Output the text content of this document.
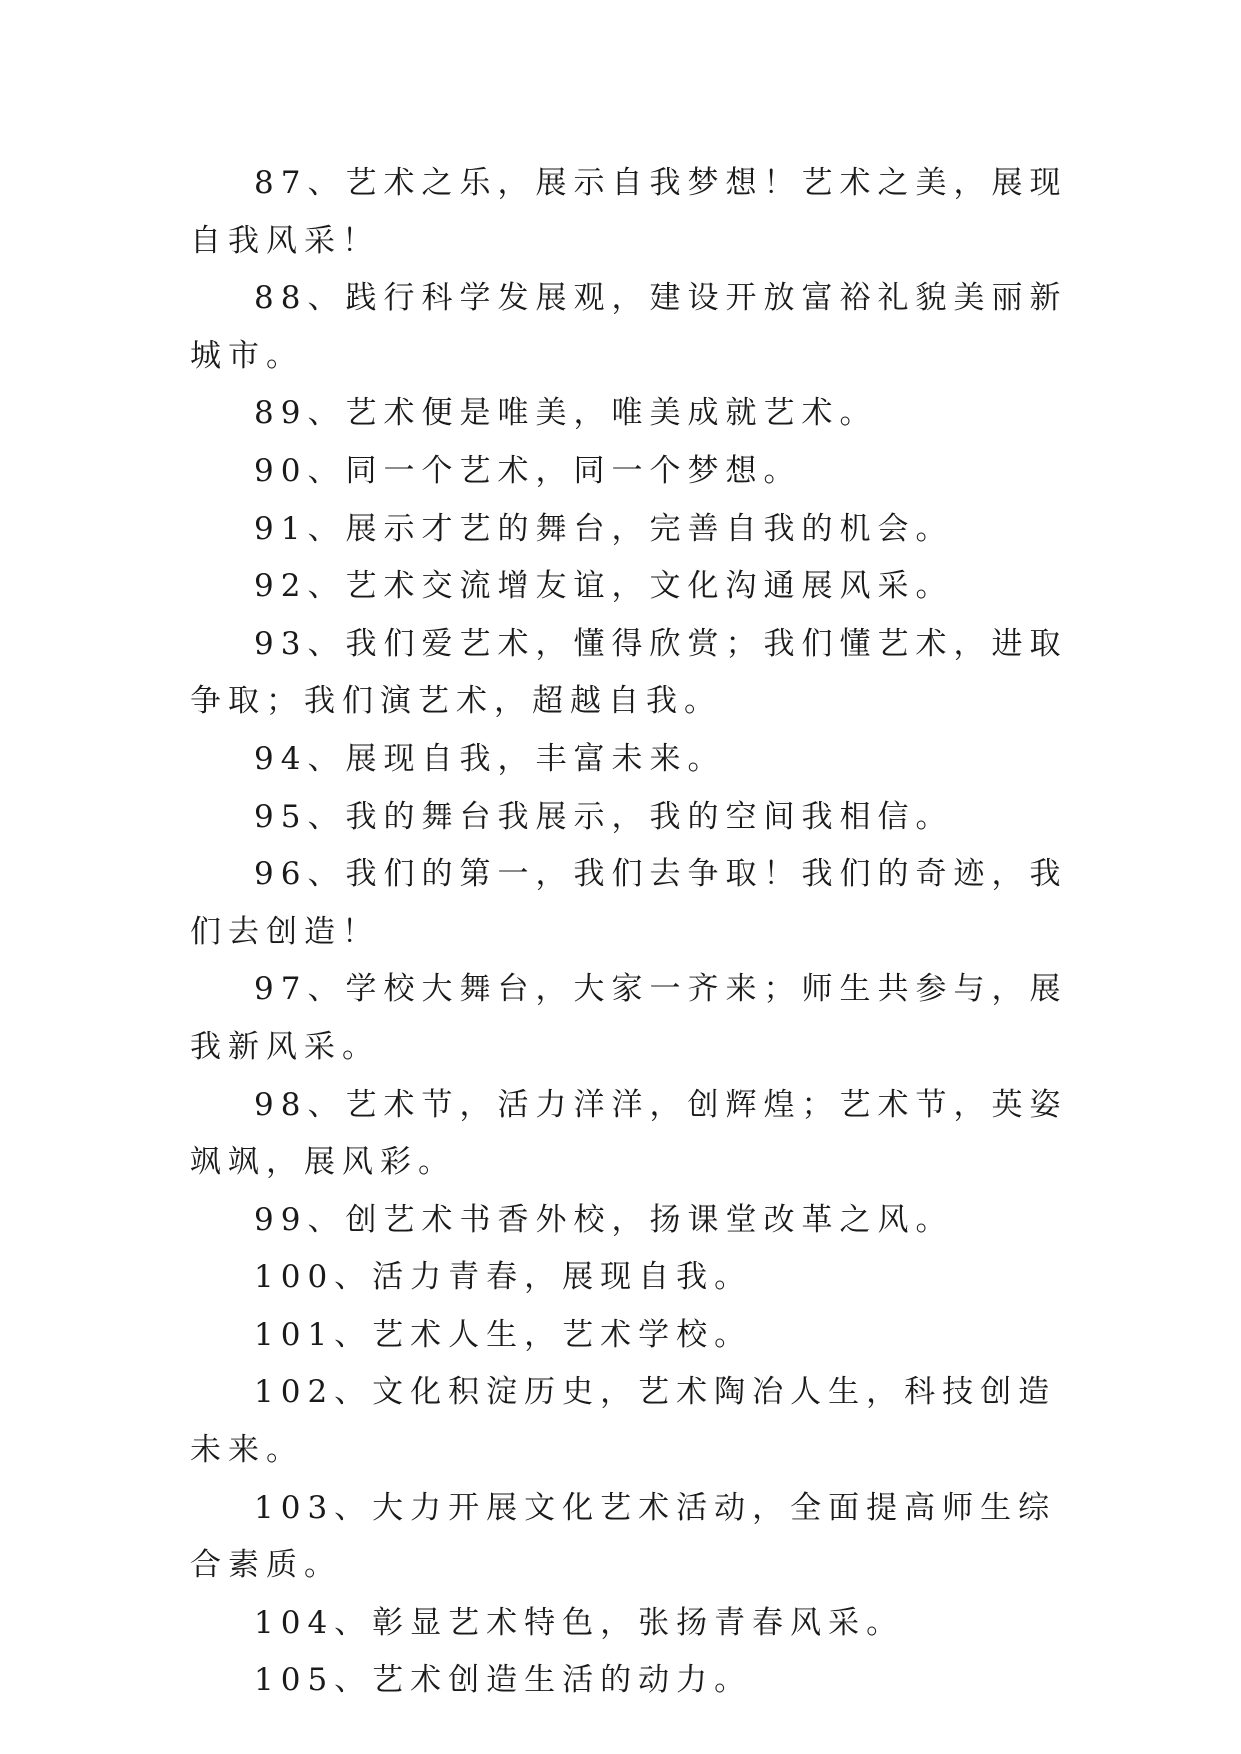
87、艺术之乐，展示自我梦想！艺术之美，展现自我风采！

88、践行科学发展观，建设开放富裕礼貌美丽新城市。

89、艺术便是唯美，唯美成就艺术。

90、同一个艺术，同一个梦想。

91、展示才艺的舞台，完善自我的机会。

92、艺术交流增友谊，文化沟通展风采。

93、我们爱艺术，懂得欣赏；我们懂艺术，进取争取；我们演艺术，超越自我。

94、展现自我，丰富未来。

95、我的舞台我展示，我的空间我相信。

96、我们的第一，我们去争取！我们的奇迹，我们去创造！

97、学校大舞台，大家一齐来；师生共参与，展我新风采。

98、艺术节，活力洋洋，创辉煌；艺术节，英姿飒飒，展风彩。

99、创艺术书香外校，扬课堂改革之风。

100、活力青春，展现自我。

101、艺术人生，艺术学校。

102、文化积淀历史，艺术陶冶人生，科技创造未来。

103、大力开展文化艺术活动，全面提高师生综合素质。

104、彰显艺术特色，张扬青春风采。

105、艺术创造生活的动力。
